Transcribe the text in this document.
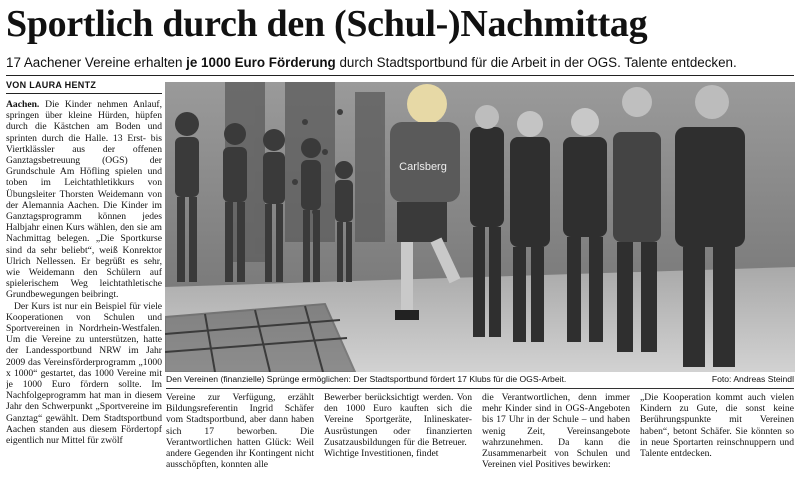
Sportlich durch den (Schul-)Nachmittag
17 Aachener Vereine erhalten je 1000 Euro Förderung durch Stadtsportbund für die Arbeit in der OGS. Talente entdecken.
VON LAURA HENTZ

Aachen. Die Kinder nehmen Anlauf, springen über kleine Hürden, hüpfen durch die Kästchen am Boden und sprinten durch die Halle. 13 Erst- bis Viertklässler aus der offenen Ganztagsbetreuung (OGS) der Grundschule Am Höfling spielen und toben im Leichtathletikkurs von Übungsleiter Thorsten Weidemann von der Alemannia Aachen. Die Kinder im Ganztagsprogramm können jedes Halbjahr einen Kurs wählen, den sie am Nachmittag belegen. „Die Sportkurse sind da sehr beliebt“, weiß Konrektor Ulrich Nellessen. Er begrüßt es sehr, wie Weidemann den Schülern auf spielerischem Weg leichtathletische Grundbewegungen beibringt.

Der Kurs ist nur ein Beispiel für viele Kooperationen von Schulen und Sportvereinen in Nordrhein-Westfalen. Um die Vereine zu unterstützen, hatte der Landessportbund NRW im Jahr 2009 das Vereinsförderprogramm „1000 x 1000“ gestartet, das 1000 Vereine mit je 1000 Euro fördern sollte. Im Nachfolgeprogramm hat man in diesem Jahr den Schwerpunkt „Sportvereine im Ganztag“ gewählt. Dem Stadtsportbund Aachen standen aus diesem Fördertopf eigentlich nur Mittel für zwölf

Carlsberg
Den Vereinen (finanzielle) Sprünge ermöglichen: Der Stadtsportbund fördert 17 Klubs für die OGS-Arbeit.	Foto: Andreas Steindl
Vereine zur Verfügung, erzählt Bildungsreferentin Ingrid Schäfer vom Stadtsportbund, aber dann haben sich 17 beworben. Die Verantwortlichen hatten Glück: Weil andere Gegenden ihr Kontingent nicht ausschöpften, konnten alle
Bewerber berücksichtigt werden. Von den 1000 Euro kauften sich die Vereine Sportgeräte, Inlineskater-Ausrüstungen oder finanzierten Zusatzausbildungen für die Betreuer.   Wichtige Investitionen, findet
die Verantwortlichen, denn immer mehr Kinder sind in OGS-Angeboten bis 17 Uhr in der Schule – und haben wenig Zeit, Vereinsangebote wahrzunehmen. Da kann die Zusammenarbeit von Schulen und Vereinen viel Positives bewirken:
„Die Kooperation kommt auch vielen Kindern zu Gute, die sonst keine Berührungspunkte mit Vereinen haben“, betont Schäfer. Sie könnten so in neue Sportarten reinschnuppern und Talente entdecken.
